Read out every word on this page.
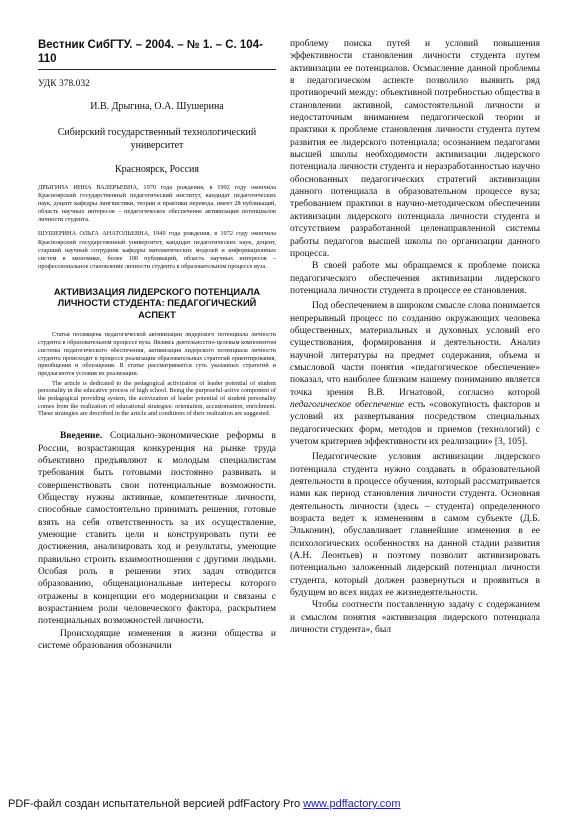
Вестник СибГТУ. – 2004. – № 1. – С. 104-110

УДК 378.032

И.В. Дрыгина, О.А. Шушерина

Сибирский государственный технологический университет

Красноярск, Россия

ДРЫГИНА ИННА ВАЛЕРЬЕВНА, 1970 года рождения, в 1992 году окончила Красноярский государственный педагогический институт, кандидат педагогических наук, доцент кафедры лингвистики, теории и практики перевода, имеет 28 публикаций, область научных интересов – педагогическое обеспечение активизации потенциалов личности студента.

ШУШЕРИНА ОЛЬГА АНАТОЛЬЕВНА, 1949 года рождения, в 1972 году окончила Красноярский государственный университет, кандидат педагогических наук, доцент, старший научный сотрудник кафедры математических моделей и информационных систем в экономике, более 100 публикаций, область научных интересов – профессиональное становление личности студента в образовательном процессе вуза.

АКТИВИЗАЦИЯ ЛИДЕРСКОГО ПОТЕНЦИАЛА ЛИЧНОСТИ СТУДЕНТА: ПЕДАГОГИЧЕСКИЙ АСПЕКТ

Статья посвящена педагогической активизации лидерского потенциала личности студента в образовательном процессе вуза. Являясь деятельностно-целевым компонентом системы педагогического обеспечения, активизация лидерского потенциала личности студента происходит в процессе реализации образовательных стратегий ориентирования, приобщения и обогащения. В статье рассматривается суть указанных стратегий и предлагаются условия их реализации.

The article is dedicated to the pedagogical activization of leader potential of student personality in the educative process of high school. Being the purposeful-active component of the pedagogical providing system, the activization of leader potential of student personality comes from the realization of educational strategies: orientation, accustomation, enrichment. These strategies are described in the article and conditions of their realization are suggested.

Введение. Социально-экономические реформы в России, возрастающая конкуренция на рынке труда объективно предъявляют к молодым специалистам требования быть готовыми постоянно развивать и совершенствовать свои потенциальные возможности. Обществу нужны активные, компетентные личности, способные самостоятельно принимать решения, готовые взять на себя ответственность за их осуществление, умеющие ставить цели и конструировать пути ее достижения, анализировать ход и результаты, умеющие правильно строить взаимоотношения с другими людьми. Особая роль в решении этих задач отводится образованию, общенациональные интересы которого отражены в концепции его модернизации и связаны с возрастанием роли человеческого фактора, раскрытием потенциальных возможностей личности.

Происходящие изменения в жизни общества и системе образования обозначили

проблему поиска путей и условий повышения эффективности становления личности студента путем активизации ее потенциалов. Осмысление данной проблемы в педагогическом аспекте позволило выявить ряд противоречий между: объективной потребностью общества в становлении активной, самостоятельной личности и недостаточным вниманием педагогической теории и практики к проблеме становления личности студента путем развития ее лидерского потенциала; осознанием педагогами высшей школы необходимости активизации лидерского потенциала личности студента и неразработанностью научно обоснованных педагогических стратегий активизации данного потенциала в образовательном процессе вуза; требованием практики в научно-методическом обеспечении активизации лидерского потенциала личности студента и отсутствием разработанной целенаправленной системы работы педагогов высшей школы по организации данного процесса.

В своей работе мы обращаемся к проблеме поиска педагогического обеспечения активизации лидерского потенциала личности студента в процессе ее становления.

Под обеспечением в широком смысле слова понимается непрерывный процесс по созданию окружающих человека общественных, материальных и духовных условий его существования, формирования и деятельности. Анализ научной литературы на предмет содержания, объема и смысловой части понятия «педагогическое обеспечение» показал, что наиболее близким нашему пониманию является точка зрения В.В. Игнатовой, согласно которой педагогическое обеспечение есть «совокупность факторов и условий их развертывания посредством специальных педагогических форм, методов и приемов (технологий) с учетом критериев эффективности их реализации» [3, 105].

Педагогические условия активизации лидерского потенциала студента нужно создавать в образовательной деятельности в процессе обучения, который рассматривается нами как период становления личности студента. Основная деятельность личности (здесь – студента) определенного возраста ведет к изменениям в самом субъекте (Д.Б. Эльконин), обуславливает главнейшие изменения в ее психологических особенностях на данной стадии развития (А.Н. Леонтьев) и поэтому позволит активизировать потенциально заложенный лидерский потенциал личности студента, который должен развернуться и проявиться в будущем во всех видах ее жизнедеятельности.

Чтобы соотнести поставленную задачу с содержанием и смыслом понятия «активизация лидерского потенциала личности студента», был

PDF-файл создан испытательной версией pdfFactory Pro www.pdffactory.com
